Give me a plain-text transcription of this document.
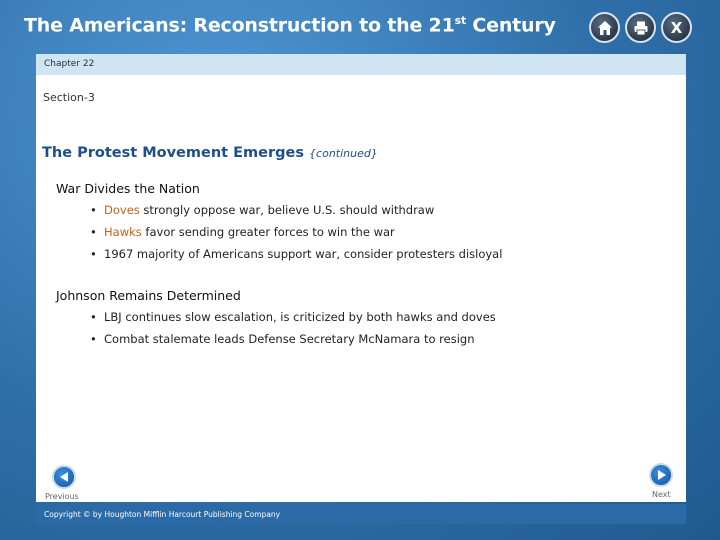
The Americans: Reconstruction to the 21st Century	X
Chapter 22
Section-3
The Protest Movement Emerges {continued}
War Divides the Nation
• Doves strongly oppose war, believe U.S. should withdraw
• Hawks favor sending greater forces to win the war
• 1967 majority of Americans support war, consider protesters disloyal
Johnson Remains Determined
• LBJ continues slow escalation, is criticized by both hawks and doves
• Combat stalemate leads Defense Secretary McNamara to resign
Previous	Next
Copyright © by Houghton Mifflin Harcourt Publishing Company
